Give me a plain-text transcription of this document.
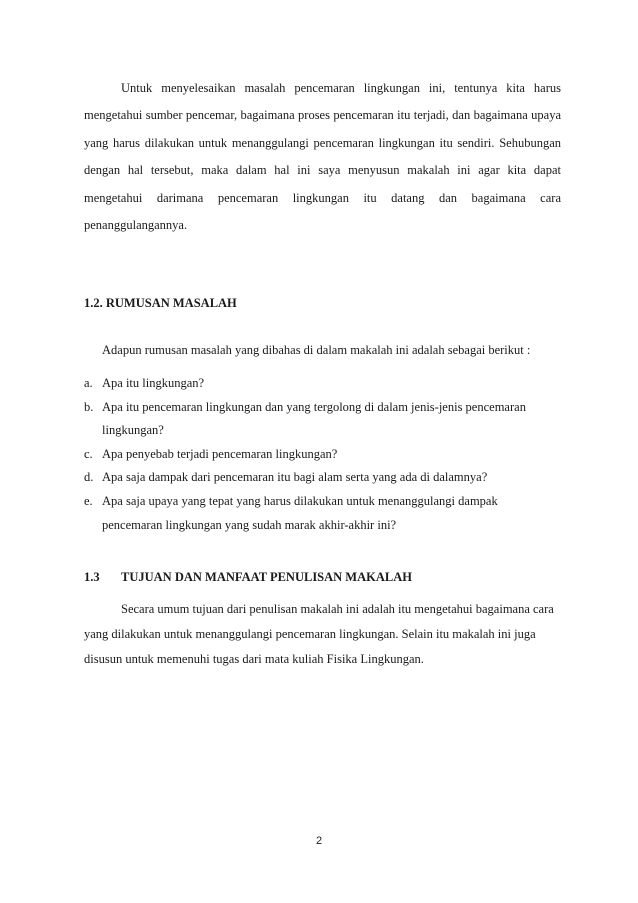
Untuk menyelesaikan masalah pencemaran lingkungan ini, tentunya kita harus mengetahui sumber pencemar, bagaimana proses pencemaran itu terjadi, dan bagaimana upaya yang harus dilakukan untuk menanggulangi pencemaran lingkungan itu sendiri. Sehubungan dengan hal tersebut, maka dalam hal ini saya menyusun makalah ini agar kita dapat mengetahui darimana pencemaran lingkungan itu datang dan bagaimana cara penanggulangannya.

1.2. RUMUSAN MASALAH

Adapun rumusan masalah yang dibahas di dalam makalah ini adalah sebagai berikut :

a. Apa itu lingkungan?
b. Apa itu pencemaran lingkungan dan yang tergolong di dalam jenis-jenis pencemaran lingkungan?
c. Apa penyebab terjadi pencemaran lingkungan?
d. Apa saja dampak dari pencemaran itu bagi alam serta yang ada di dalamnya?
e. Apa saja upaya yang tepat yang harus dilakukan untuk menanggulangi dampak pencemaran lingkungan yang sudah marak akhir-akhir ini?
1.3 TUJUAN DAN MANFAAT PENULISAN MAKALAH

Secara umum tujuan dari penulisan makalah ini adalah itu mengetahui bagaimana cara yang dilakukan untuk menanggulangi pencemaran lingkungan. Selain itu makalah ini juga disusun untuk memenuhi tugas dari mata kuliah Fisika Lingkungan.

2
